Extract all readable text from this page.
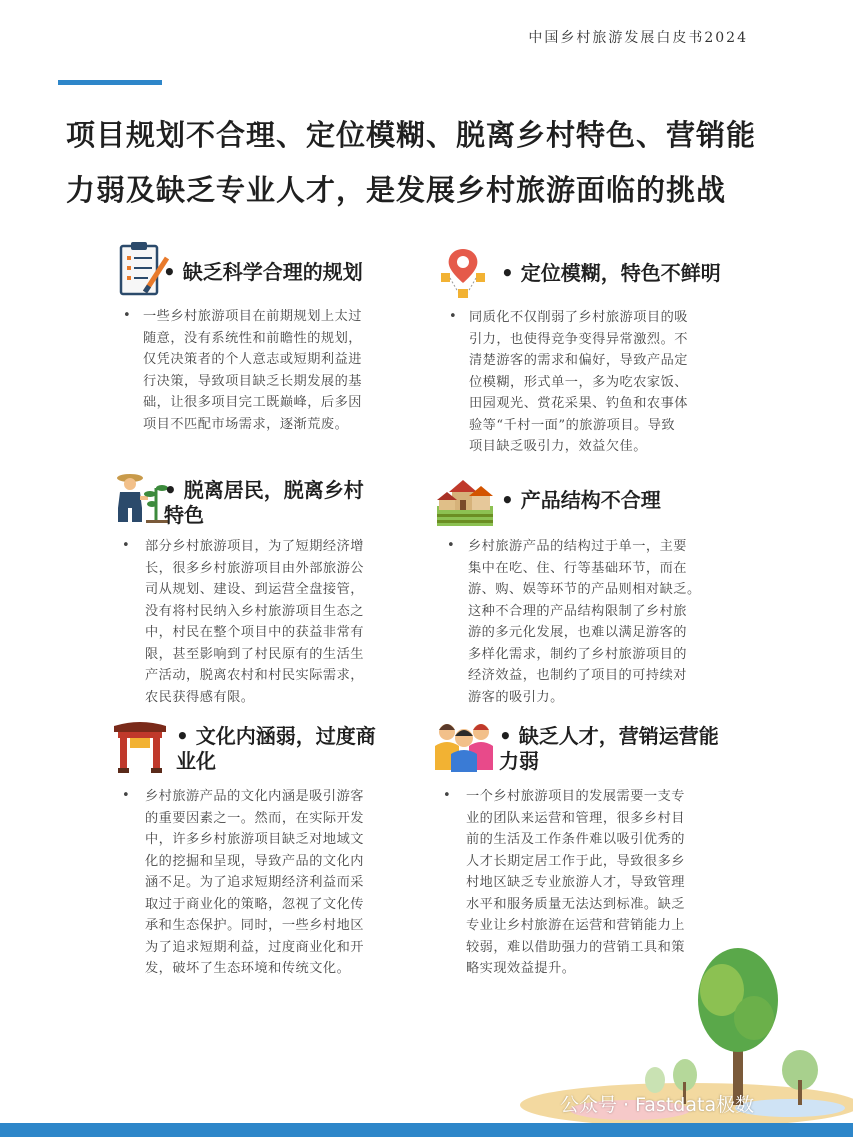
中国乡村旅游发展白皮书2024
项目规划不合理、定位模糊、脱离乡村特色、营销能
力弱及缺乏专业人才，是发展乡村旅游面临的挑战
• 缺乏科学合理的规划
• 一些乡村旅游项目在前期规划上太过
随意，没有系统性和前瞻性的规划，
仅凭决策者的个人意志或短期利益进
行决策，导致项目缺乏长期发展的基
础，让很多项目完工既巅峰，后多因
项目不匹配市场需求，逐渐荒废。
• 定位模糊，特色不鲜明
• 同质化不仅削弱了乡村旅游项目的吸
引力，也使得竞争变得异常激烈。不
清楚游客的需求和偏好，导致产品定
位模糊，形式单一，多为吃农家饭、
田园观光、赏花采果、钓鱼和农事体
验等“千村一面”的旅游项目。导致
项目缺乏吸引力，效益欠佳。
• 脱离居民，脱离乡村
特色
• 部分乡村旅游项目，为了短期经济增
长，很多乡村旅游项目由外部旅游公
司从规划、建设、到运营全盘接管，
没有将村民纳入乡村旅游项目生态之
中，村民在整个项目中的获益非常有
限，甚至影响到了村民原有的生活生
产活动，脱离农村和村民实际需求，
农民获得感有限。
• 产品结构不合理
• 乡村旅游产品的结构过于单一，主要
集中在吃、住、行等基础环节，而在
游、购、娱等环节的产品则相对缺乏。
这种不合理的产品结构限制了乡村旅
游的多元化发展，也难以满足游客的
多样化需求，制约了乡村旅游项目的
经济效益，也制约了项目的可持续对
游客的吸引力。
• 文化内涵弱，过度商
业化
• 乡村旅游产品的文化内涵是吸引游客
的重要因素之一。然而，在实际开发
中，许多乡村旅游项目缺乏对地域文
化的挖掘和呈现，导致产品的文化内
涵不足。为了追求短期经济利益而采
取过于商业化的策略，忽视了文化传
承和生态保护。同时，一些乡村地区
为了追求短期利益，过度商业化和开
发，破坏了生态环境和传统文化。
• 缺乏人才，营销运营能
力弱
• 一个乡村旅游项目的发展需要一支专
业的团队来运营和管理，很多乡村目
前的生活及工作条件难以吸引优秀的
人才长期定居工作于此，导致很多乡
村地区缺乏专业旅游人才，导致管理
水平和服务质量无法达到标准。缺乏
专业让乡村旅游在运营和营销能力上
较弱，难以借助强力的营销工具和策
略实现效益提升。
公众号 · Fastdata极数
